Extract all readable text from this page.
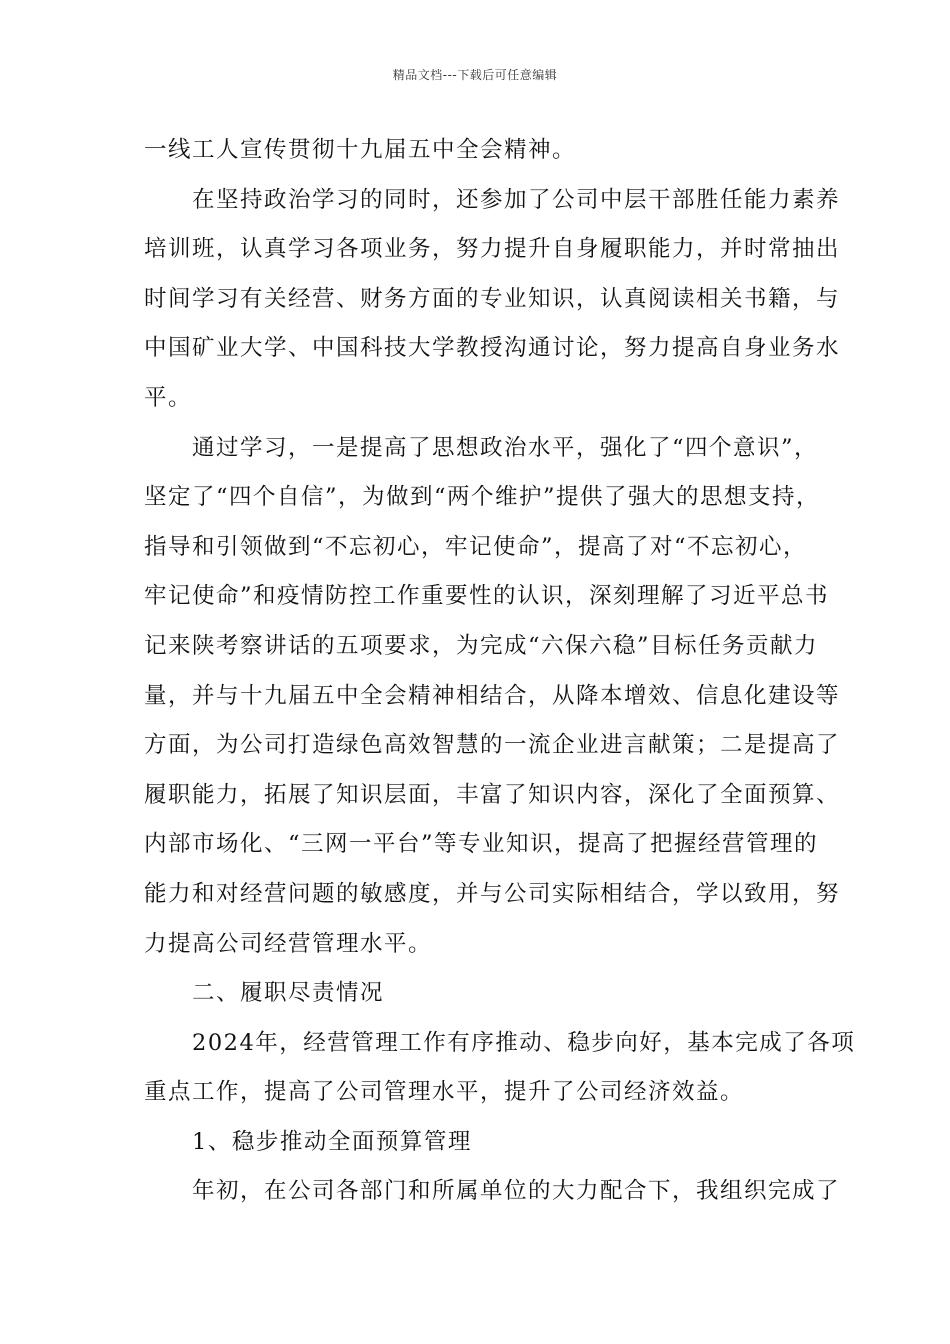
精品文档---下载后可任意编辑
一线工人宣传贯彻十九届五中全会精神。
在坚持政治学习的同时，还参加了公司中层干部胜任能力素养
培训班，认真学习各项业务，努力提升自身履职能力，并时常抽出
时间学习有关经营、财务方面的专业知识，认真阅读相关书籍，与
中国矿业大学、中国科技大学教授沟通讨论，努力提高自身业务水
平。
通过学习，一是提高了思想政治水平，强化了“四个意识”，
坚定了“四个自信”，为做到“两个维护”提供了强大的思想支持，
指导和引领做到“不忘初心，牢记使命”，提高了对“不忘初心，
牢记使命”和疫情防控工作重要性的认识，深刻理解了习近平总书
记来陕考察讲话的五项要求，为完成“六保六稳”目标任务贡献力
量，并与十九届五中全会精神相结合，从降本增效、信息化建设等
方面，为公司打造绿色高效智慧的一流企业进言献策；二是提高了
履职能力，拓展了知识层面，丰富了知识内容，深化了全面预算、
内部市场化、“三网一平台”等专业知识，提高了把握经营管理的
能力和对经营问题的敏感度，并与公司实际相结合，学以致用，努
力提高公司经营管理水平。
二、履职尽责情况
2024年，经营管理工作有序推动、稳步向好，基本完成了各项
重点工作，提高了公司管理水平，提升了公司经济效益。
1、稳步推动全面预算管理
年初，在公司各部门和所属单位的大力配合下，我组织完成了
